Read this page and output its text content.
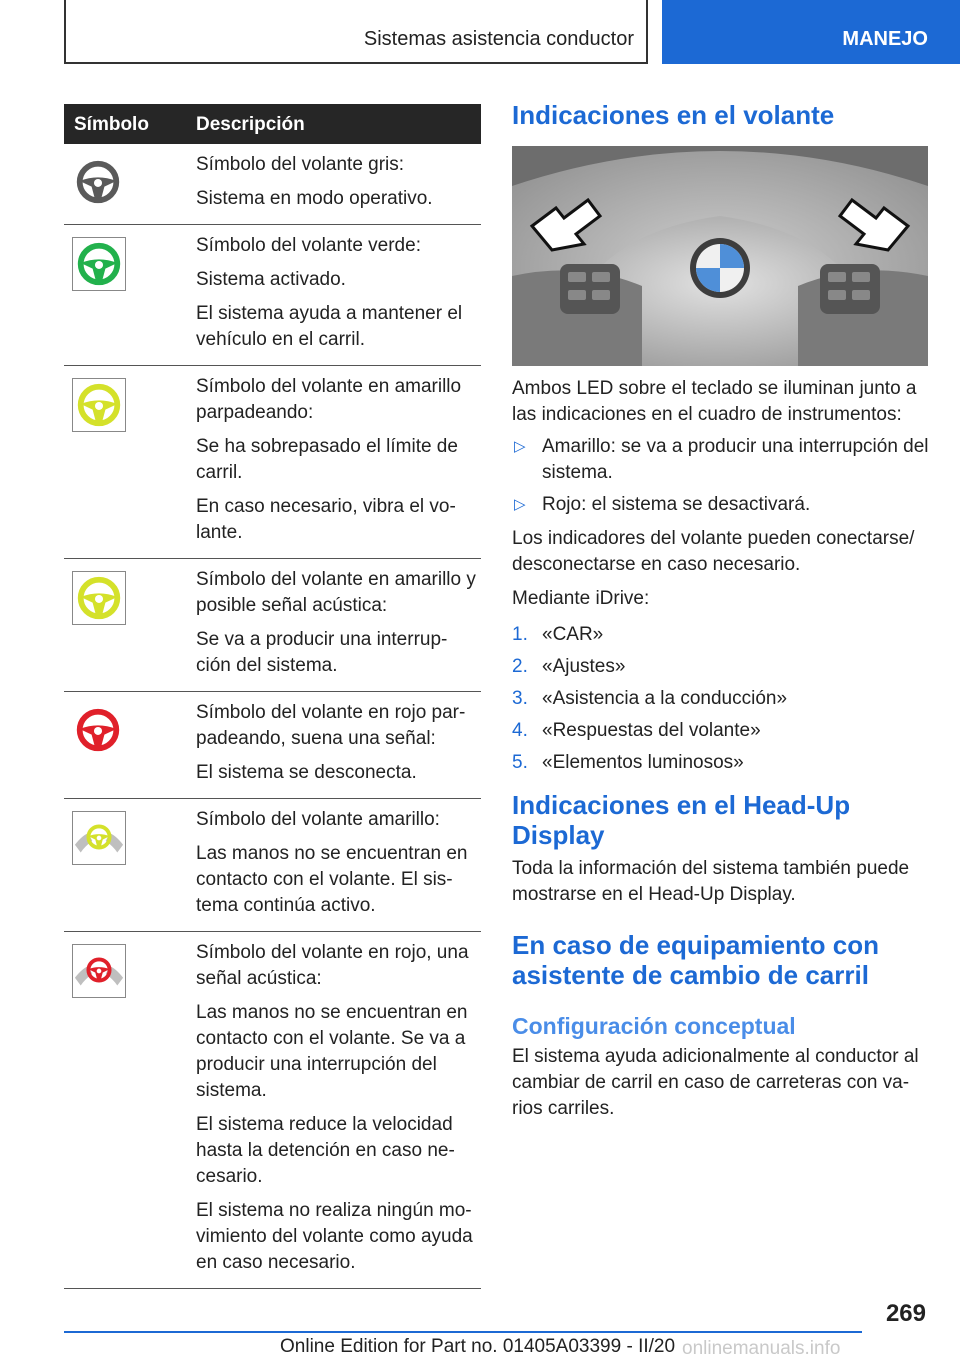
Sistemas asistencia conductor	MANEJO
Símbolo Descripción

Símbolo del volante gris:

Sistema en modo operativo.

Símbolo del volante verde:

Sistema activado.

El sistema ayuda a mantener el vehículo en el carril.

Símbolo del volante en amarillo parpadeando:

Se ha sobrepasado el límite de carril.

En caso necesario, vibra el vo- lante.

Símbolo del volante en amarillo y posible señal acústica:

Se va a producir una interrup- ción del sistema.

Símbolo del volante en rojo par- padeando, suena una señal:

El sistema se desconecta.

Símbolo del volante amarillo:

Las manos no se encuentran en contacto con el volante. El sis- tema continúa activo.

Símbolo del volante en rojo, una señal acústica:

Las manos no se encuentran en contacto con el volante. Se va a producir una interrupción del sistema.

El sistema reduce la velocidad hasta la detención en caso ne- cesario.

El sistema no realiza ningún mo- vimiento del volante como ayuda en caso necesario.

Indicaciones en el volante

Ambos LED sobre el teclado se iluminan junto a las indicaciones en el cuadro de instrumentos:

▷ Amarillo: se va a producir una interrupción del sistema.
▷ Rojo: el sistema se desactivará.

Los indicadores del volante pueden conectarse/ desconectarse en caso necesario.

Mediante iDrive:

1. «CAR»
2. «Ajustes»
3. «Asistencia a la conducción»
4. «Respuestas del volante»
5. «Elementos luminosos»
Indicaciones en el Head-Up Display

Toda la información del sistema también puede mostrarse en el Head-Up Display.

En caso de equipamiento con asistente de cambio de carril
Configuración conceptual

El sistema ayuda adicionalmente al conductor al cambiar de carril en caso de carreteras con va- rios carriles.

269
Online Edition for Part no. 01405A03399 - II/20 onlinemanuals.info
